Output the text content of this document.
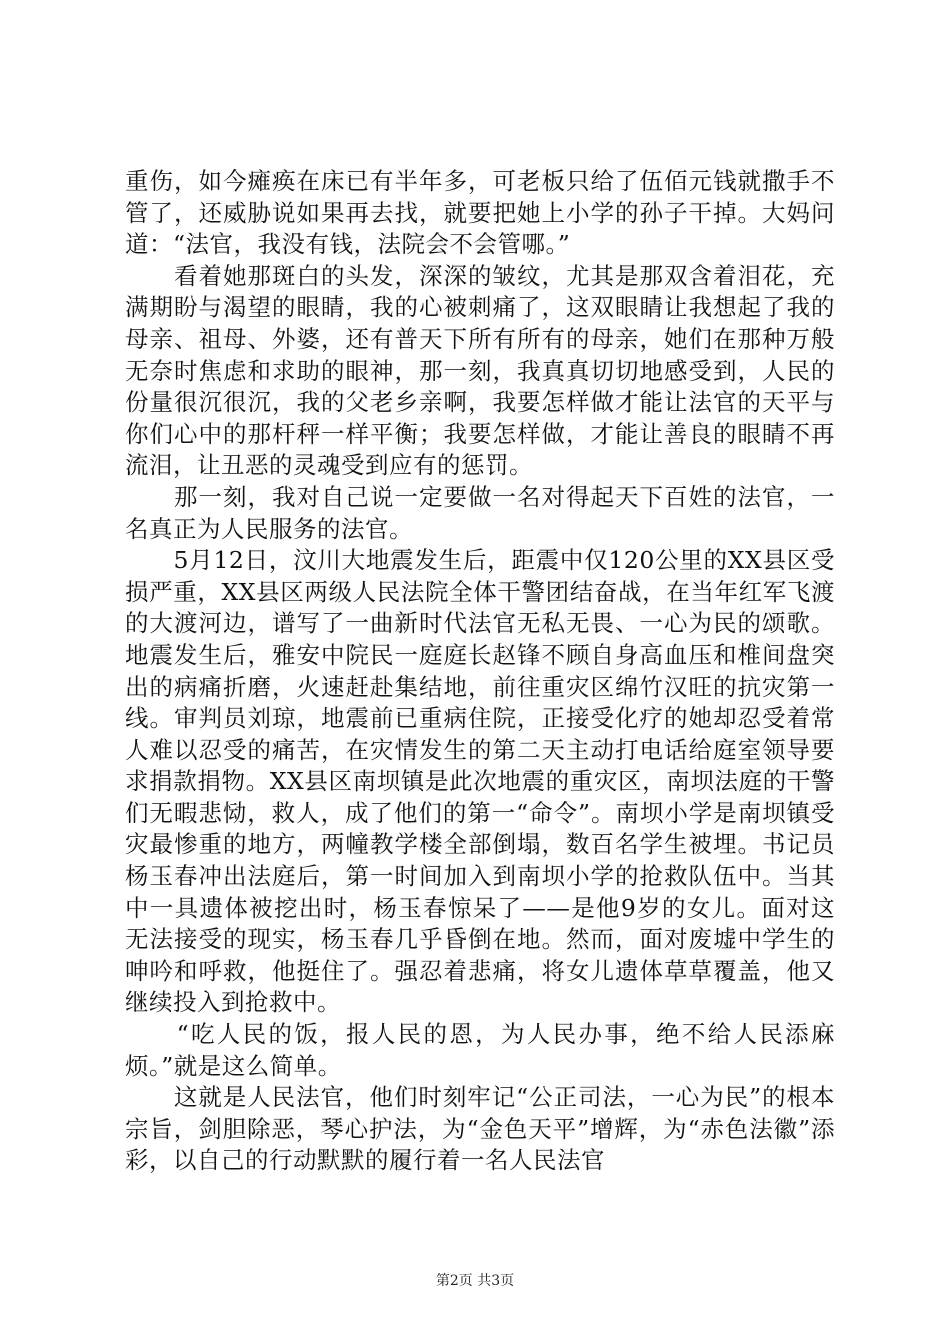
重伤，如今瘫痪在床已有半年多，可老板只给了伍佰元钱就撒手不管了，还威胁说如果再去找，就要把她上小学的孙子干掉。大妈问道：“法官，我没有钱，法院会不会管哪。”

　　看着她那斑白的头发，深深的皱纹，尤其是那双含着泪花，充满期盼与渴望的眼睛，我的心被刺痛了，这双眼睛让我想起了我的母亲、祖母、外婆，还有普天下所有所有的母亲，她们在那种万般无奈时焦虑和求助的眼神，那一刻，我真真切切地感受到，人民的份量很沉很沉，我的父老乡亲啊，我要怎样做才能让法官的天平与你们心中的那杆秤一样平衡；我要怎样做，才能让善良的眼睛不再流泪，让丑恶的灵魂受到应有的惩罚。

　　那一刻，我对自己说一定要做一名对得起天下百姓的法官，一名真正为人民服务的法官。

　　5月12日，汶川大地震发生后，距震中仅120公里的XX县区受损严重，XX县区两级人民法院全体干警团结奋战，在当年红军飞渡的大渡河边，谱写了一曲新时代法官无私无畏、一心为民的颂歌。地震发生后，雅安中院民一庭庭长赵锋不顾自身高血压和椎间盘突出的病痛折磨，火速赶赴集结地，前往重灾区绵竹汉旺的抗灾第一线。审判员刘琼，地震前已重病住院，正接受化疗的她却忍受着常人难以忍受的痛苦，在灾情发生的第二天主动打电话给庭室领导要求捐款捐物。XX县区南坝镇是此次地震的重灾区，南坝法庭的干警们无暇悲恸，救人，成了他们的第一“命令”。南坝小学是南坝镇受灾最惨重的地方，两幢教学楼全部倒塌，数百名学生被埋。书记员杨玉春冲出法庭后，第一时间加入到南坝小学的抢救队伍中。当其中一具遗体被挖出时，杨玉春惊呆了——是他9岁的女儿。面对这无法接受的现实，杨玉春几乎昏倒在地。然而，面对废墟中学生的呻吟和呼救，他挺住了。强忍着悲痛，将女儿遗体草草覆盖，他又继续投入到抢救中。

　　“吃人民的饭，报人民的恩，为人民办事，绝不给人民添麻烦。”就是这么简单。

　　这就是人民法官，他们时刻牢记“公正司法，一心为民”的根本宗旨，剑胆除恶，琴心护法，为“金色天平”增辉，为“赤色法徽”添彩，以自己的行动默默的履行着一名人民法官

第2页 共3页
